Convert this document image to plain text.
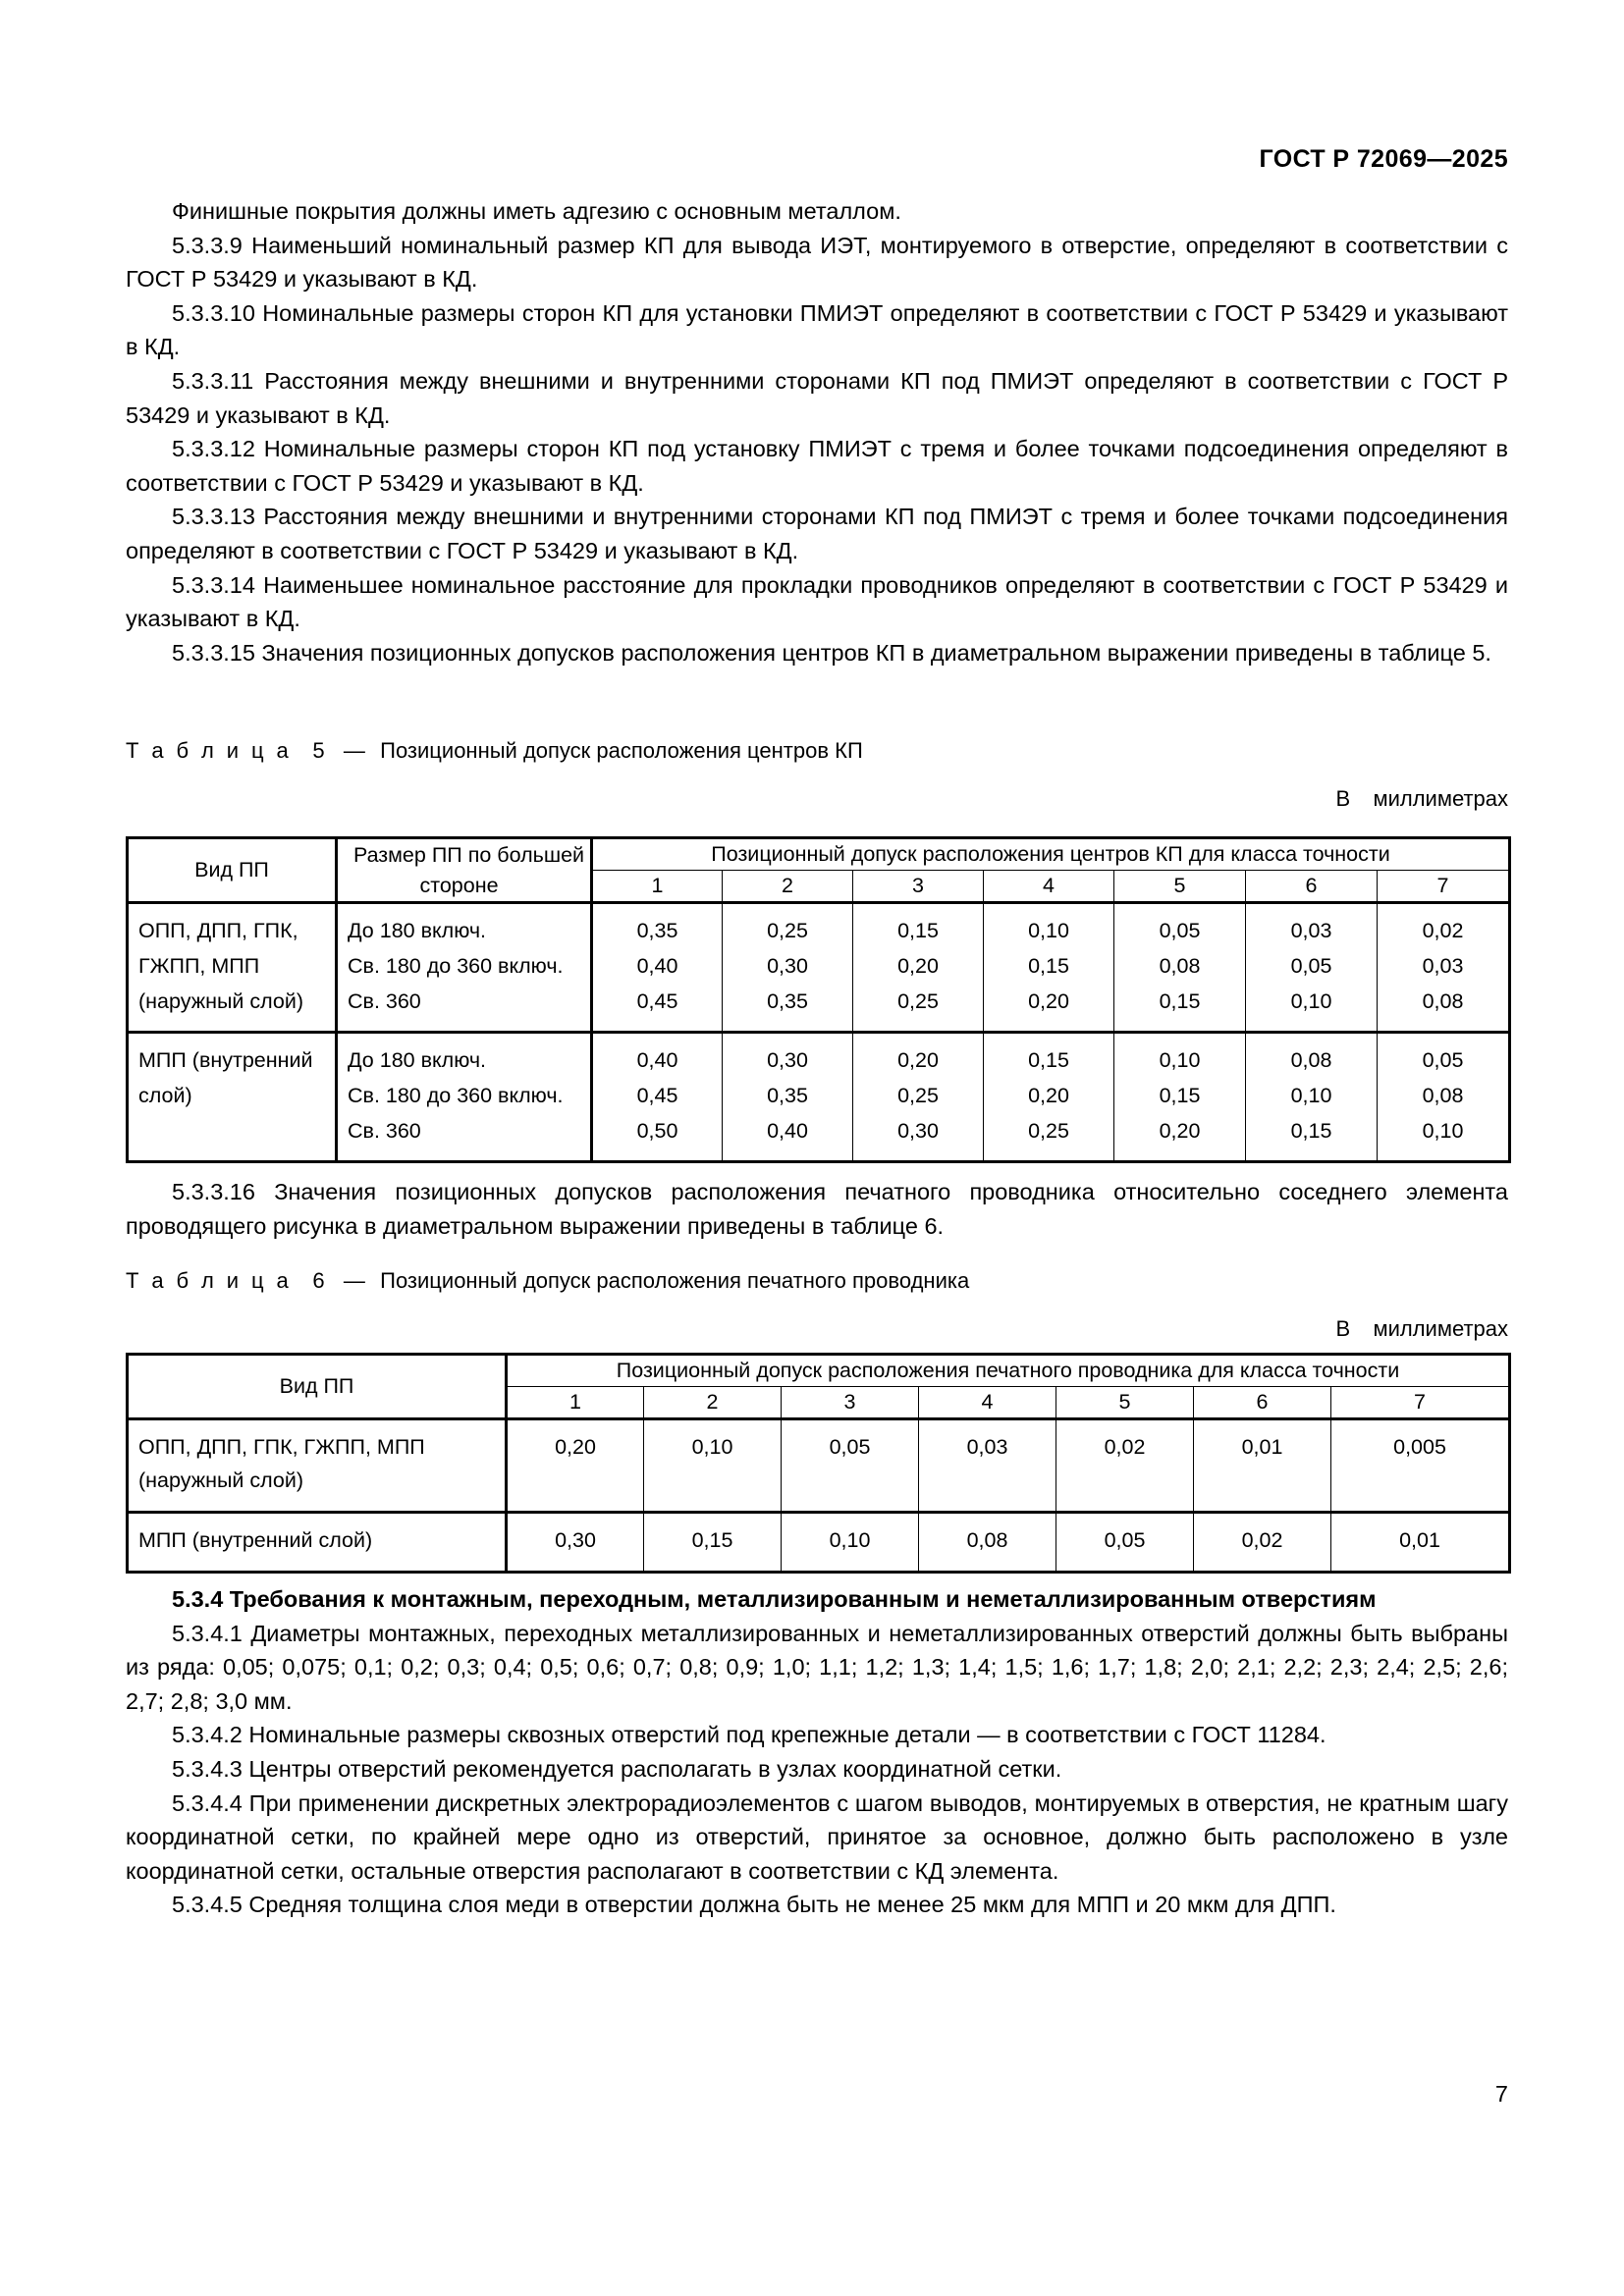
ГОСТ Р 72069—2025

Финишные покрытия должны иметь адгезию с основным металлом.

5.3.3.9 Наименьший номинальный размер КП для вывода ИЭТ, монтируемого в отверстие, определяют в соответствии с ГОСТ Р 53429 и указывают в КД.

5.3.3.10 Номинальные размеры сторон КП для установки ПМИЭТ определяют в соответствии с ГОСТ Р 53429 и указывают в КД.

5.3.3.11 Расстояния между внешними и внутренними сторонами КП под ПМИЭТ определяют в соответствии с ГОСТ Р 53429 и указывают в КД.

5.3.3.12 Номинальные размеры сторон КП под установку ПМИЭТ с тремя и более точками подсоединения определяют в соответствии с ГОСТ Р 53429 и указывают в КД.

5.3.3.13 Расстояния между внешними и внутренними сторонами КП под ПМИЭТ с тремя и более точками подсоединения определяют в соответствии с ГОСТ Р 53429 и указывают в КД.

5.3.3.14 Наименьшее номинальное расстояние для прокладки проводников определяют в соответствии с ГОСТ Р 53429 и указывают в КД.

5.3.3.15 Значения позиционных допусков расположения центров КП в диаметральном выражении приведены в таблице 5.

Т а б л и ц а 5 — Позиционный допуск расположения центров КП
В миллиметрах
Вид ПП	Размер ПП по большей стороне	Позиционный допуск расположения центров КП для класса точности						
		1	2	3	4	5	6	7

ОПП, ДПП, ГПК, ГЖПП, МПП (наружный слой)	До 180 включ.
Св. 180 до 360 включ.
Св. 360	0,35
0,40
0,45	0,25
0,30
0,35	0,15
0,20
0,25	0,10
0,15
0,20	0,05
0,08
0,15	0,03
0,05
0,10	0,02
0,03
0,08

МПП (внутренний слой)	До 180 включ.
Св. 180 до 360 включ.
Св. 360	0,40
0,45
0,50	0,30
0,35
0,40	0,20
0,25
0,30	0,15
0,20
0,25	0,10
0,15
0,20	0,08
0,10
0,15	0,05
0,08
0,10

5.3.3.16 Значения позиционных допусков расположения печатного проводника относительно соседнего элемента проводящего рисунка в диаметральном выражении приведены в таблице 6.

Т а б л и ц а 6 — Позиционный допуск расположения печатного проводника
В миллиметрах
Вид ПП	Позиционный допуск расположения печатного проводника для класса точности						
	1	2	3	4	5	6	7

ОПП, ДПП, ГПК, ГЖПП, МПП (наружный слой)	0,20	0,10	0,05	0,03	0,02	0,01	0,005

МПП (внутренний слой)	0,30	0,15	0,10	0,08	0,05	0,02	0,01

5.3.4 Требования к монтажным, переходным, металлизированным и неметаллизированным отверстиям

5.3.4.1 Диаметры монтажных, переходных металлизированных и неметаллизированных отверстий должны быть выбраны из ряда: 0,05; 0,075; 0,1; 0,2; 0,3; 0,4; 0,5; 0,6; 0,7; 0,8; 0,9; 1,0; 1,1; 1,2; 1,3; 1,4; 1,5; 1,6; 1,7; 1,8; 2,0; 2,1; 2,2; 2,3; 2,4; 2,5; 2,6; 2,7; 2,8; 3,0 мм.

5.3.4.2 Номинальные размеры сквозных отверстий под крепежные детали — в соответствии с ГОСТ 11284.

5.3.4.3 Центры отверстий рекомендуется располагать в узлах координатной сетки.

5.3.4.4 При применении дискретных электрорадиоэлементов с шагом выводов, монтируемых в отверстия, не кратным шагу координатной сетки, по крайней мере одно из отверстий, принятое за основное, должно быть расположено в узле координатной сетки, остальные отверстия располагают в соответствии с КД элемента.

5.3.4.5 Средняя толщина слоя меди в отверстии должна быть не менее 25 мкм для МПП и 20 мкм для ДПП.

7
